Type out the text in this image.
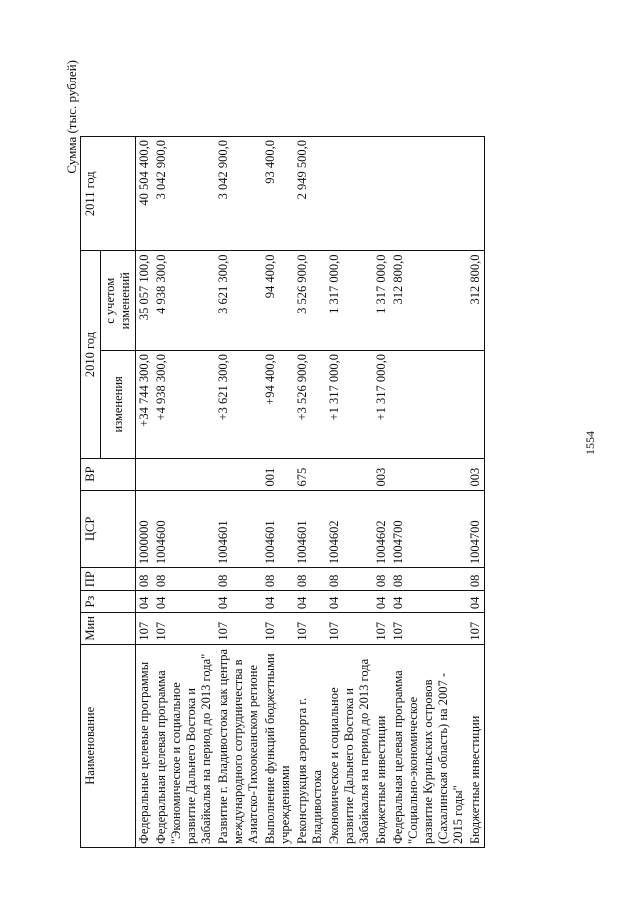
1554
Сумма (тыс. рублей)
Наименование	Мин	Рз	ПР	ЦСР	ВР	2010 год		2011 год
						изменения	с учетом изменений	
Федеральные целевые программы	107	04	08	1000000		+34 744 300,0	35 057 100,0	40 504 400,0
Федеральная целевая программа "Экономическое и социальное развитие Дальнего Востока и Забайкалья на период до 2013 года"	107	04	08	1004600		+4 938 300,0	4 938 300,0	3 042 900,0
Развитие г. Владивостока как центра международного сотрудничества в Азиатско-Тихоокеанском регионе	107	04	08	1004601		+3 621 300,0	3 621 300,0	3 042 900,0
Выполнение функций бюджетными учреждениями	107	04	08	1004601	001	+94 400,0	94 400,0	93 400,0
Реконструкция аэропорта г. Владивостока	107	04	08	1004601	675	+3 526 900,0	3 526 900,0	2 949 500,0
Экономическое и социальное развитие Дальнего Востока и Забайкалья на период до 2013 года	107	04	08	1004602		+1 317 000,0	1 317 000,0	
Бюджетные инвестиции	107	04	08	1004602	003	+1 317 000,0	1 317 000,0	
Федеральная целевая программа "Социально-экономическое развитие Курильских островов (Сахалинская область) на 2007 - 2015 годы"	107	04	08	1004700			312 800,0	
Бюджетные инвестиции	107	04	08	1004700	003		312 800,0	
